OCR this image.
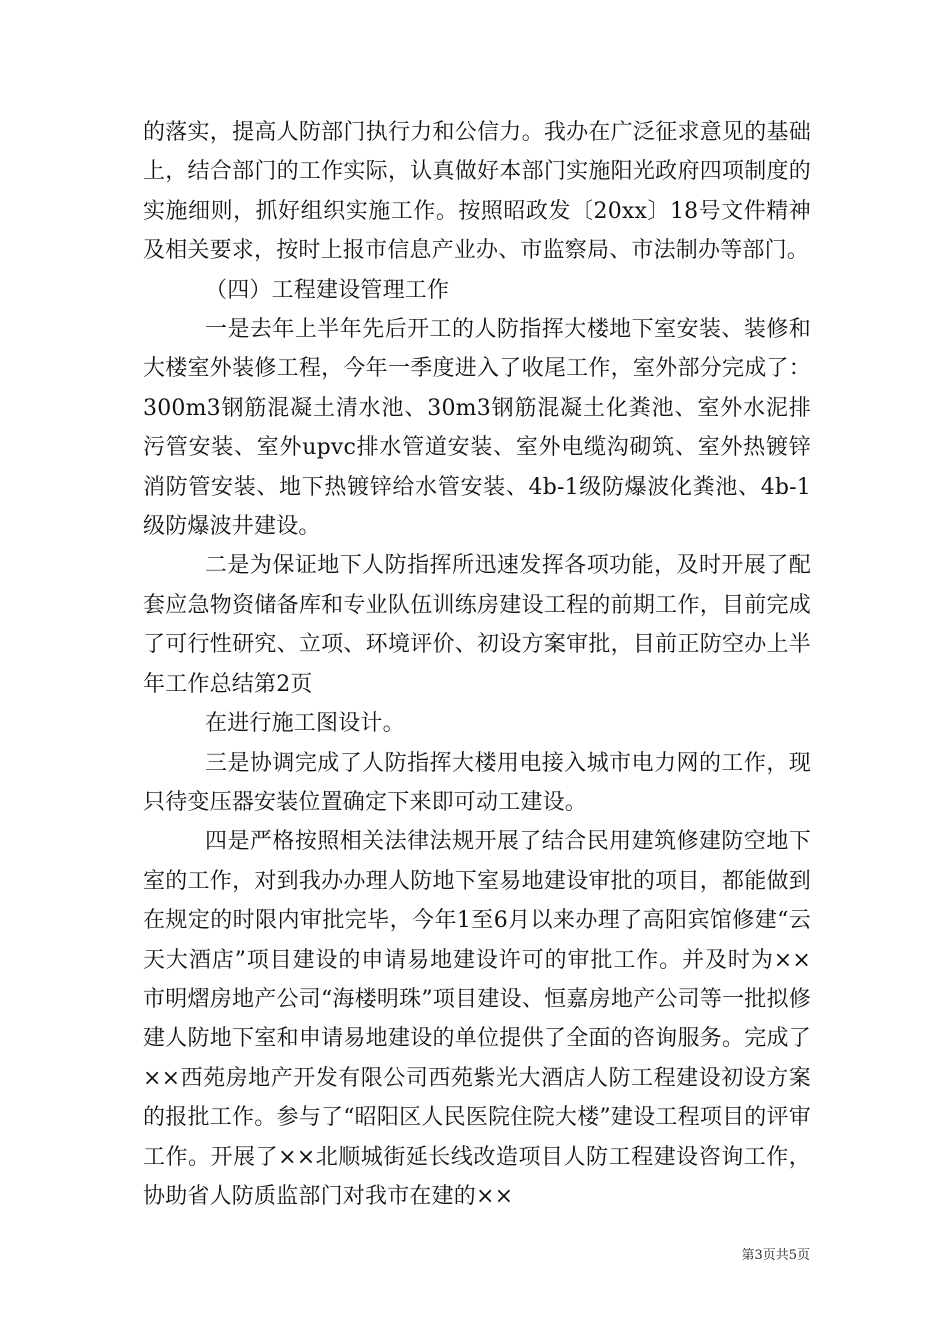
的落实，提高人防部门执行力和公信力。我办在广泛征求意见的基础上，结合部门的工作实际，认真做好本部门实施阳光政府四项制度的实施细则，抓好组织实施工作。按照昭政发〔20xx〕18号文件精神及相关要求，按时上报市信息产业办、市监察局、市法制办等部门。

（四）工程建设管理工作

一是去年上半年先后开工的人防指挥大楼地下室安装、装修和大楼室外装修工程，今年一季度进入了收尾工作，室外部分完成了：300m3钢筋混凝土清水池、30m3钢筋混凝土化粪池、室外水泥排污管安装、室外upvc排水管道安装、室外电缆沟砌筑、室外热镀锌消防管安装、地下热镀锌给水管安装、4b-1级防爆波化粪池、4b-1级防爆波井建设。

二是为保证地下人防指挥所迅速发挥各项功能，及时开展了配套应急物资储备库和专业队伍训练房建设工程的前期工作，目前完成了可行性研究、立项、环境评价、初设方案审批，目前正防空办上半年工作总结第2页

在进行施工图设计。

三是协调完成了人防指挥大楼用电接入城市电力网的工作，现只待变压器安装位置确定下来即可动工建设。

四是严格按照相关法律法规开展了结合民用建筑修建防空地下室的工作，对到我办办理人防地下室易地建设审批的项目，都能做到在规定的时限内审批完毕，今年1至6月以来办理了高阳宾馆修建“云天大酒店”项目建设的申请易地建设许可的审批工作。并及时为××市明熠房地产公司“海楼明珠”项目建设、恒嘉房地产公司等一批拟修建人防地下室和申请易地建设的单位提供了全面的咨询服务。完成了××西苑房地产开发有限公司西苑紫光大酒店人防工程建设初设方案的报批工作。参与了“昭阳区人民医院住院大楼”建设工程项目的评审工作。开展了××北顺城街延长线改造项目人防工程建设咨询工作，协助省人防质监部门对我市在建的××

第3页共5页
